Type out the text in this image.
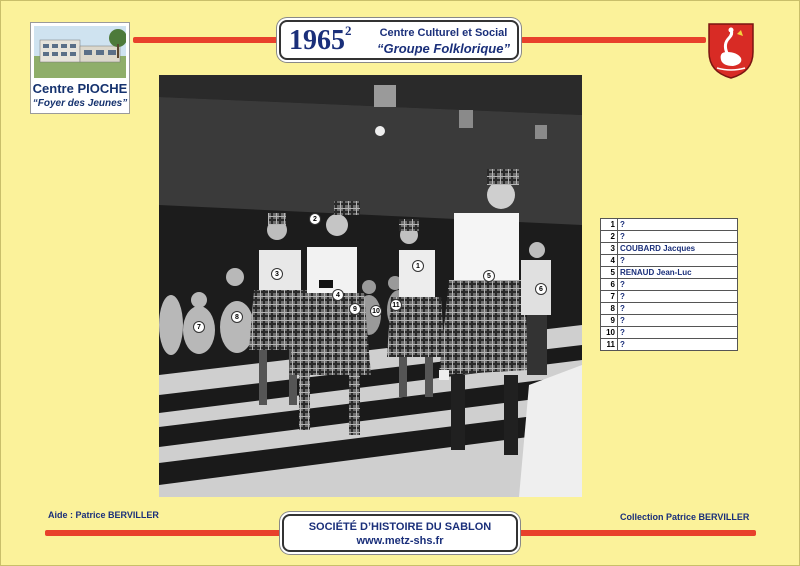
Centre PIOCHE
“Foyer des Jeunes”
1965$^2$	Centre Culturel et Social
“Groupe Folklorique”
1
2
3
4
5
6
7
8
9	10
11
1	?
2	?
3	COUBARD Jacques
4	?
5	RENAUD Jean-Luc
6	?
7	?
8	?
9	?
10	?
11	?
Aide : Patrice BERVILLER	Collection Patrice BERVILLER
SOCIÉTÉ D’HISTOIRE DU SABLON
www.metz-shs.fr
